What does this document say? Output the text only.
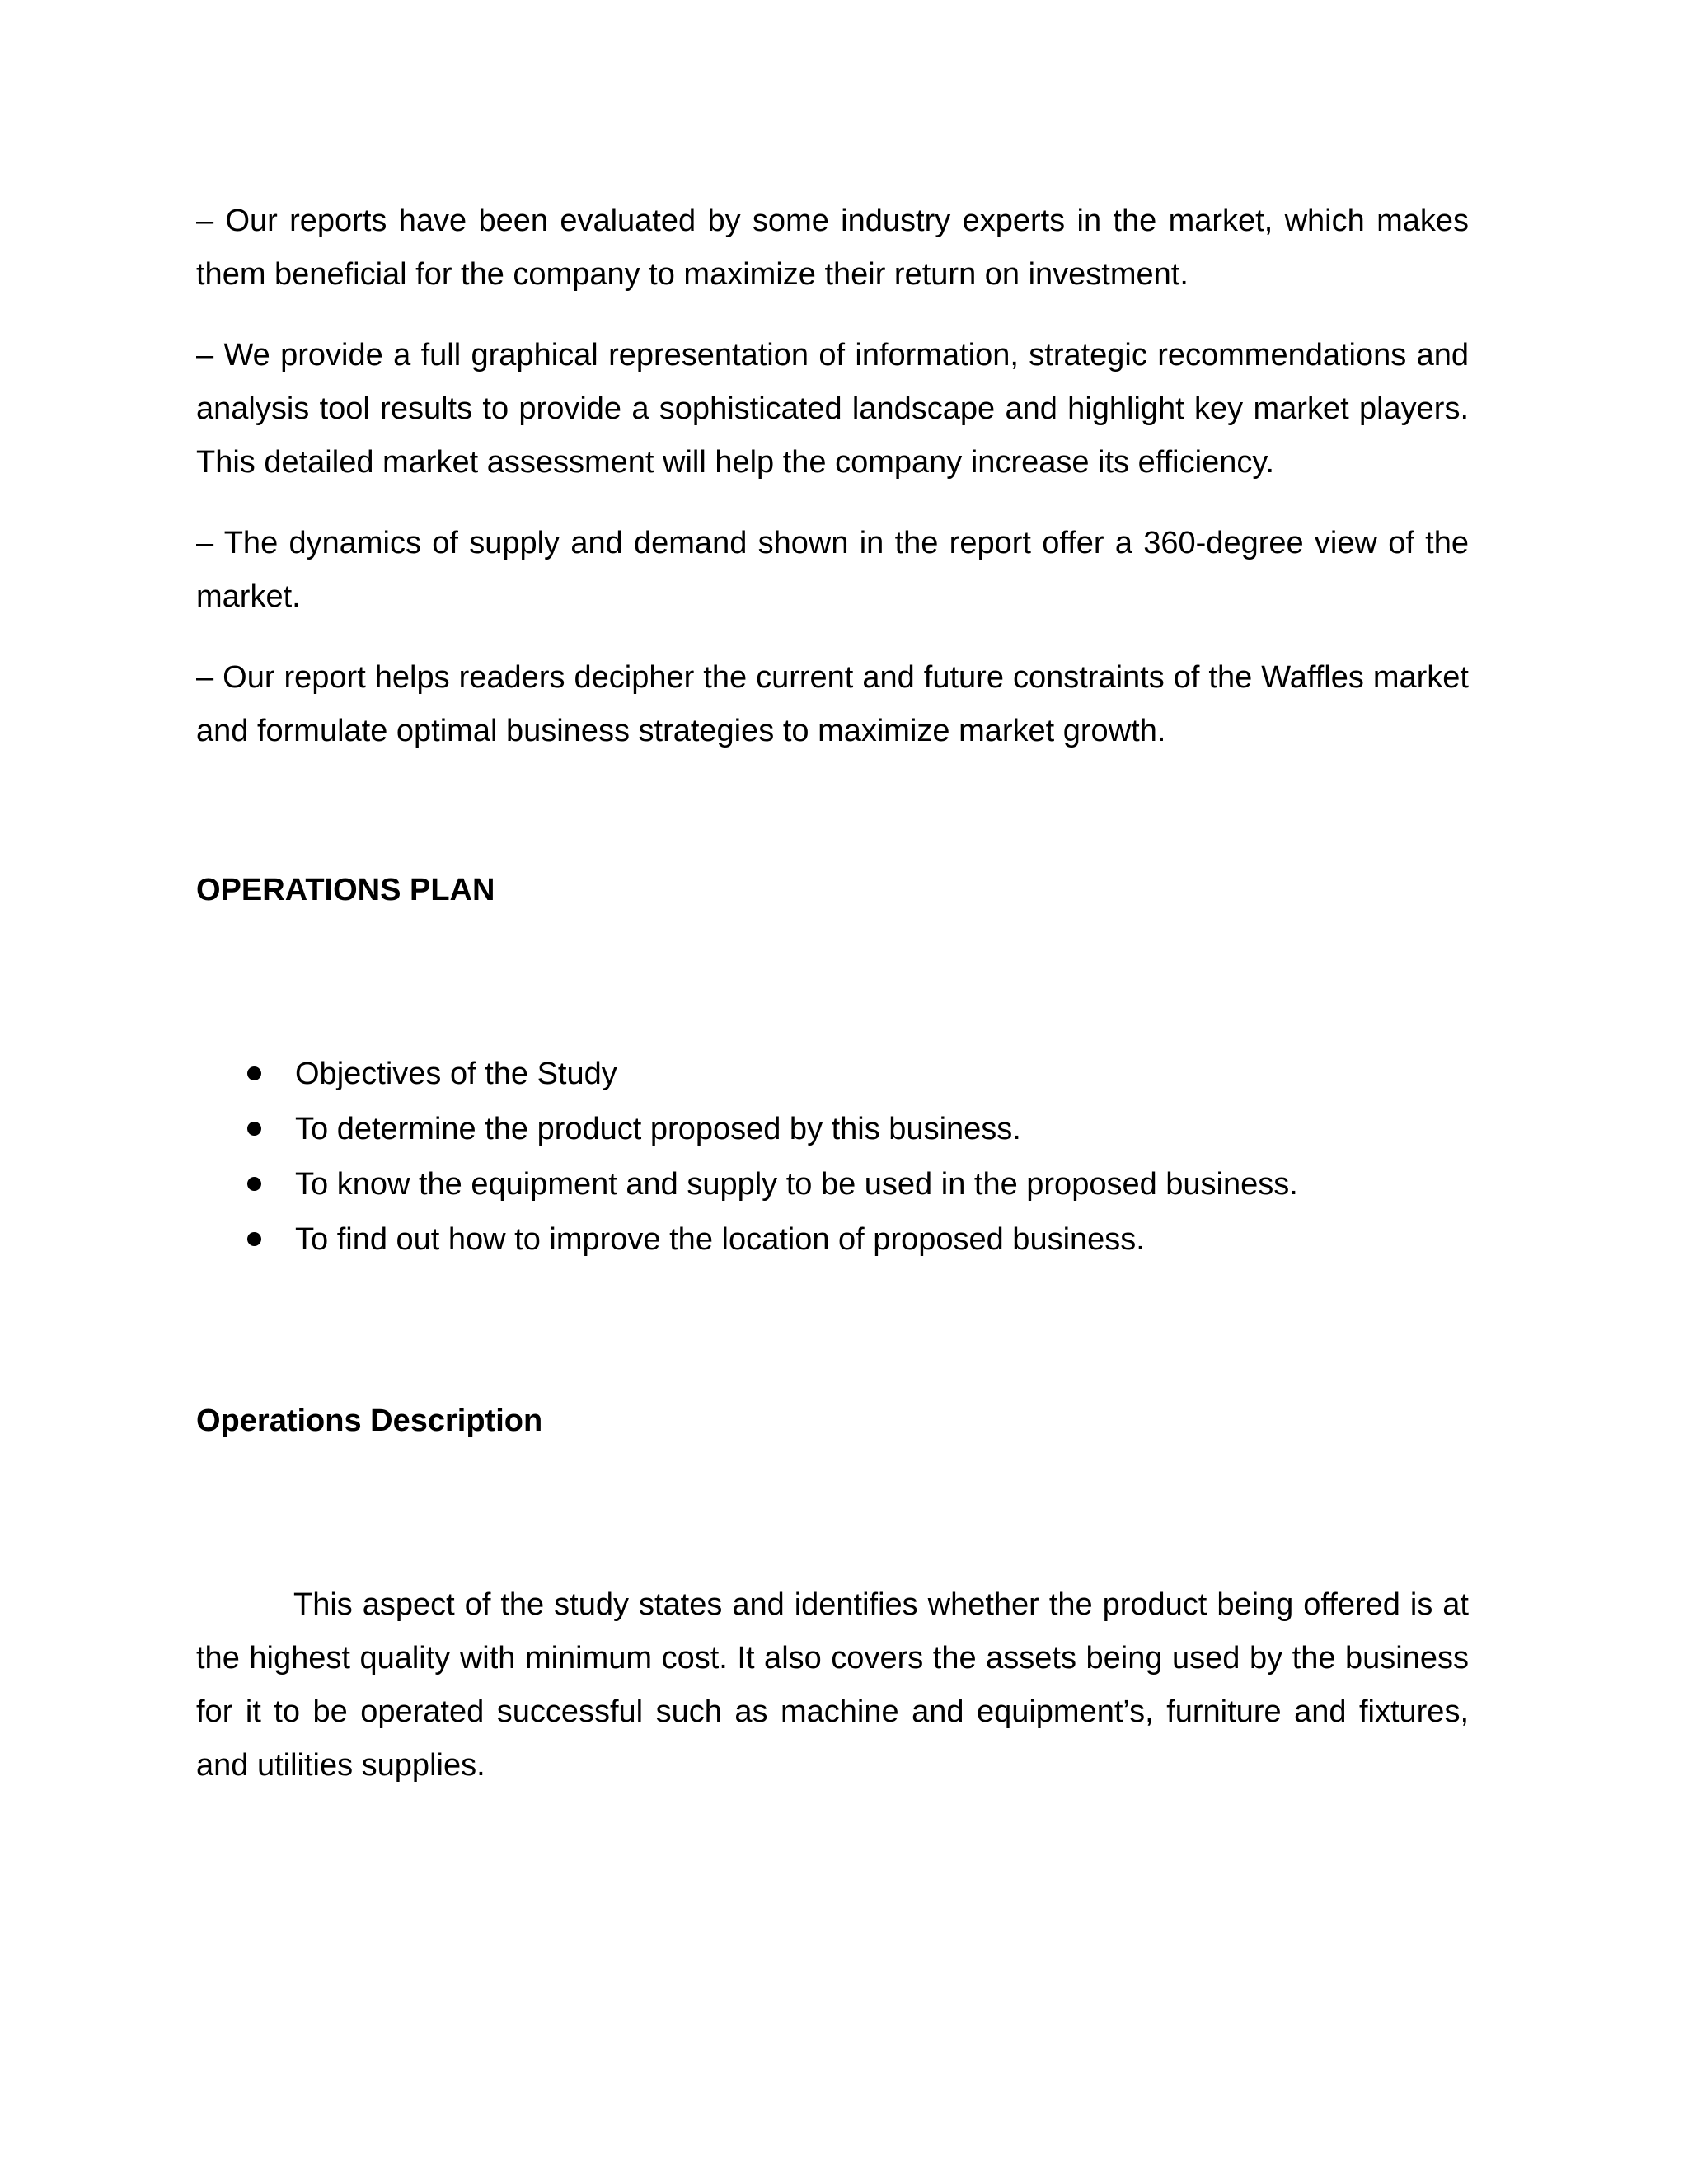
– Our reports have been evaluated by some industry experts in the market, which makes them beneficial for the company to maximize their return on investment.

– We provide a full graphical representation of information, strategic recommendations and analysis tool results to provide a sophisticated landscape and highlight key market players. This detailed market assessment will help the company increase its efficiency.

– The dynamics of supply and demand shown in the report offer a 360-degree view of the market.

– Our report helps readers decipher the current and future constraints of the Waffles market and formulate optimal business strategies to maximize market growth.

OPERATIONS PLAN
Objectives of the Study
To determine the product proposed by this business.
To know the equipment and supply to be used in the proposed business.
To find out how to improve the location of proposed business.
Operations Description

This aspect of the study states and identifies whether the product being offered is at the highest quality with minimum cost. It also covers the assets being used by the business for it to be operated successful such as machine and equipment’s, furniture and fixtures, and utilities supplies.
